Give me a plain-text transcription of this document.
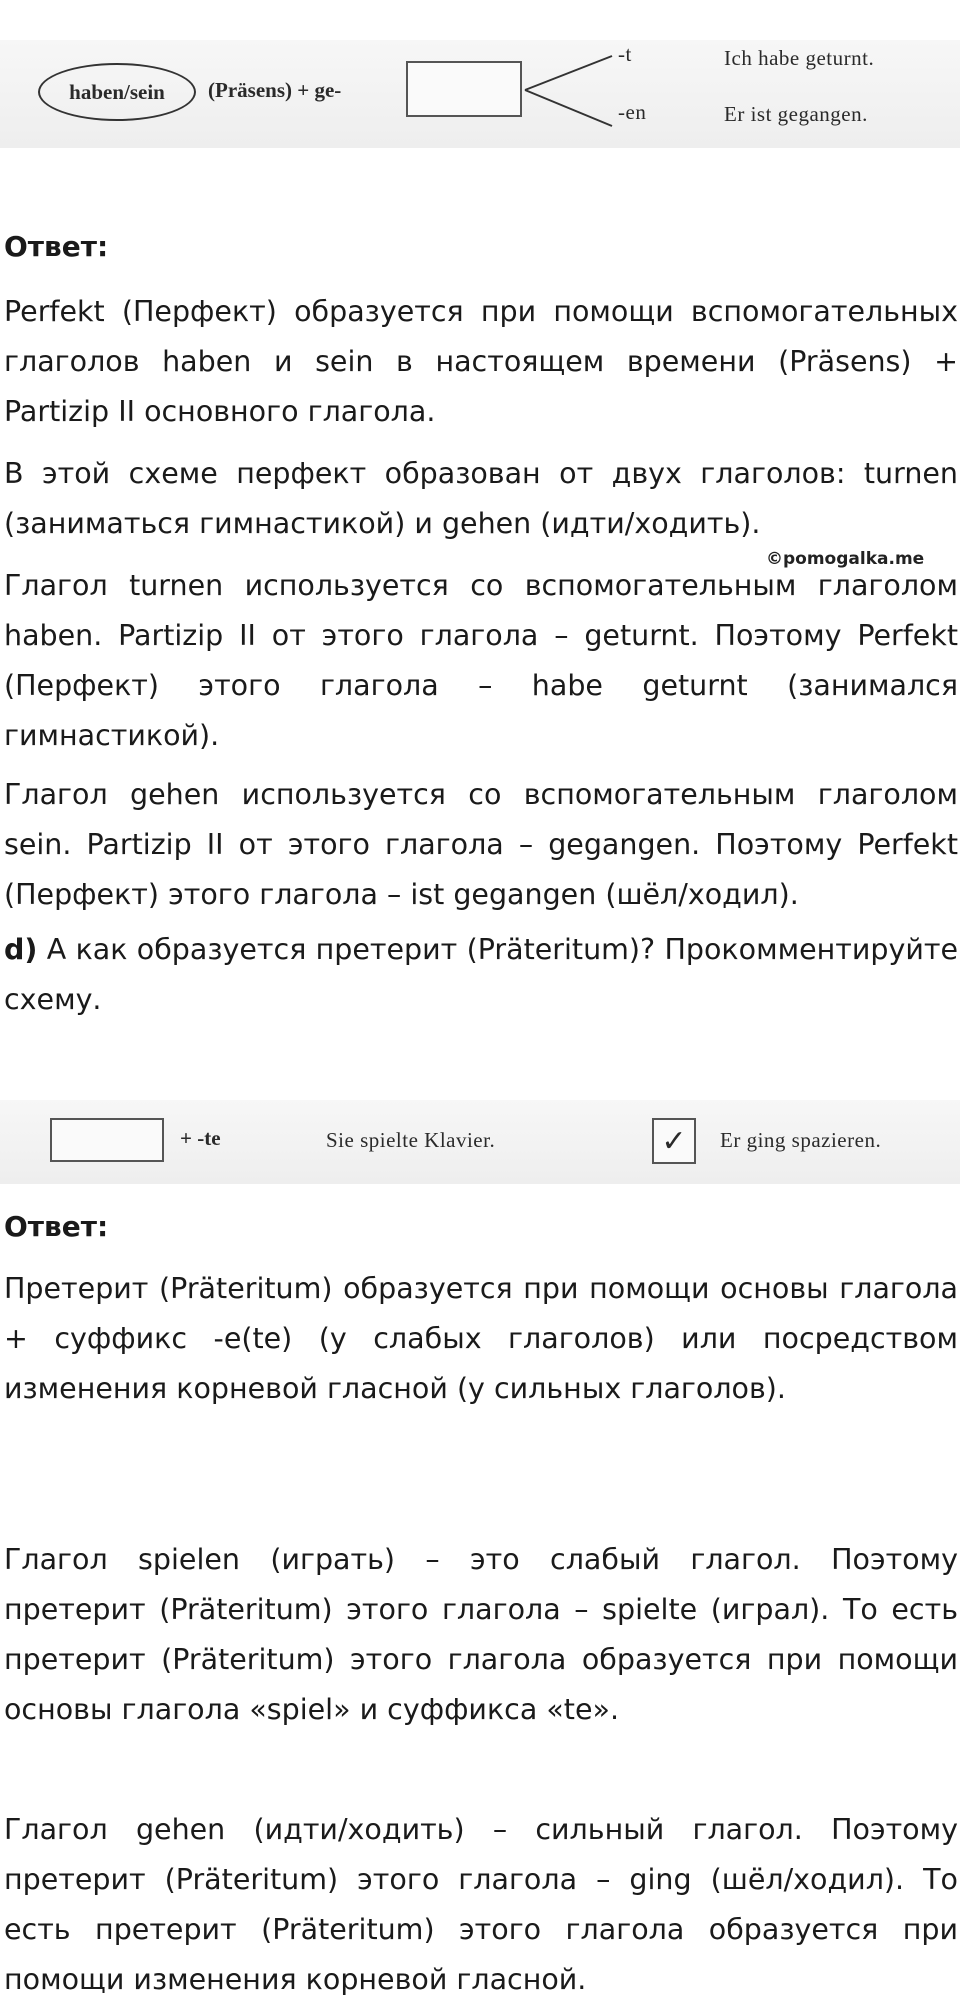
haben/sein	(Präsens) + ge-
-t
-en
Ich habe geturnt.
Er ist gegangen.
Ответ:

Perfekt (Перфект) образуется при помощи вспомогательных глаголов haben и sein в настоящем времени (Präsens) + Partizip II основного глагола.

В этой схеме перфект образован от двух глаголов: turnen (заниматься гимнастикой) и gehen (идти/ходить).

©pomogalka.me

Глагол turnen используется со вспомогательным глаголом haben. Partizip II от этого глагола – geturnt. Поэтому Perfekt (Перфект) этого глагола – habe geturnt (занимался гимнастикой).

Глагол gehen используется со вспомогательным глаголом sein. Partizip II от этого глагола – gegangen. Поэтому Perfekt (Перфект) этого глагола – ist gegangen (шёл/ходил).

d) А как образуется претерит (Präteritum)? Прокомментируйте схему.

+ -te	Sie spielte Klavier.	✓ Er ging spazieren.
Ответ:

Претерит (Präteritum) образуется при помощи основы глагола + суффикс -e(te) (у слабых глаголов) или посредством изменения корневой гласной (у сильных глаголов).

Глагол spielen (играть) – это слабый глагол. Поэтому претерит (Präteritum) этого глагола – spielte (играл). То есть претерит (Präteritum) этого глагола образуется при помощи основы глагола «spiel» и суффикса «te».

Глагол gehen (идти/ходить) – сильный глагол. Поэтому претерит (Präteritum) этого глагола – ging (шёл/ходил). То есть претерит (Präteritum) этого глагола образуется при помощи изменения корневой гласной.
